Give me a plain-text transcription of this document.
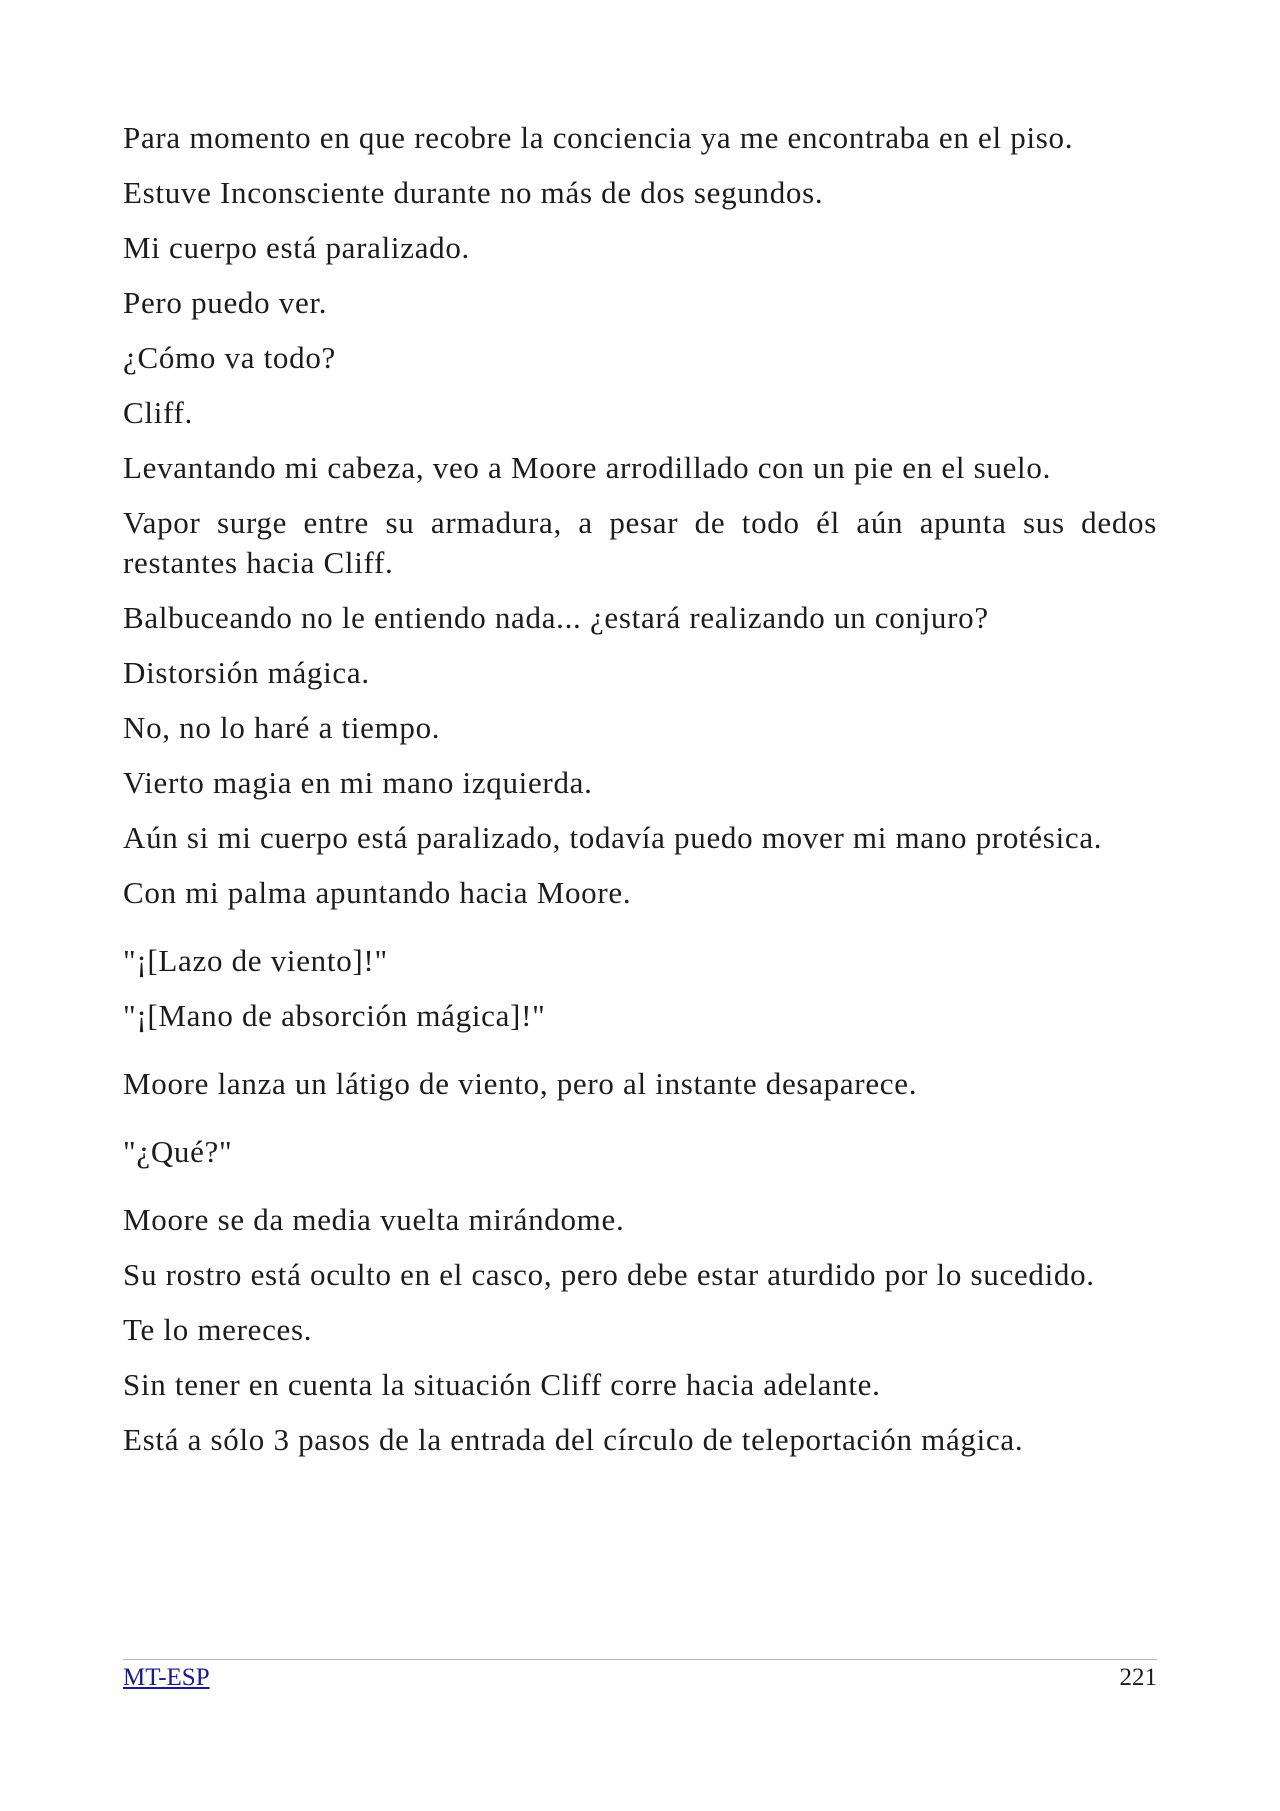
Para momento en que recobre la conciencia ya me encontraba en el piso.

Estuve Inconsciente durante no más de dos segundos.

Mi cuerpo está paralizado.

Pero puedo ver.

¿Cómo va todo?

Cliff.

Levantando mi cabeza, veo a Moore arrodillado con un pie en el suelo.

Vapor surge entre su armadura, a pesar de todo él aún apunta sus dedos restantes hacia Cliff.

Balbuceando no le entiendo nada... ¿estará realizando un conjuro?

Distorsión mágica.

No, no lo haré a tiempo.

Vierto magia en mi mano izquierda.

Aún si mi cuerpo está paralizado, todavía puedo mover mi mano protésica.

Con mi palma apuntando hacia Moore.

"¡[Lazo de viento]!"

"¡[Mano de absorción mágica]!"

Moore lanza un látigo de viento, pero al instante desaparece.

"¿Qué?"

Moore se da media vuelta mirándome.

Su rostro está oculto en el casco, pero debe estar aturdido por lo sucedido.

Te lo mereces.

Sin tener en cuenta la situación Cliff corre hacia adelante.

Está a sólo 3 pasos de la entrada del círculo de teleportación mágica.

MT-ESP	221
